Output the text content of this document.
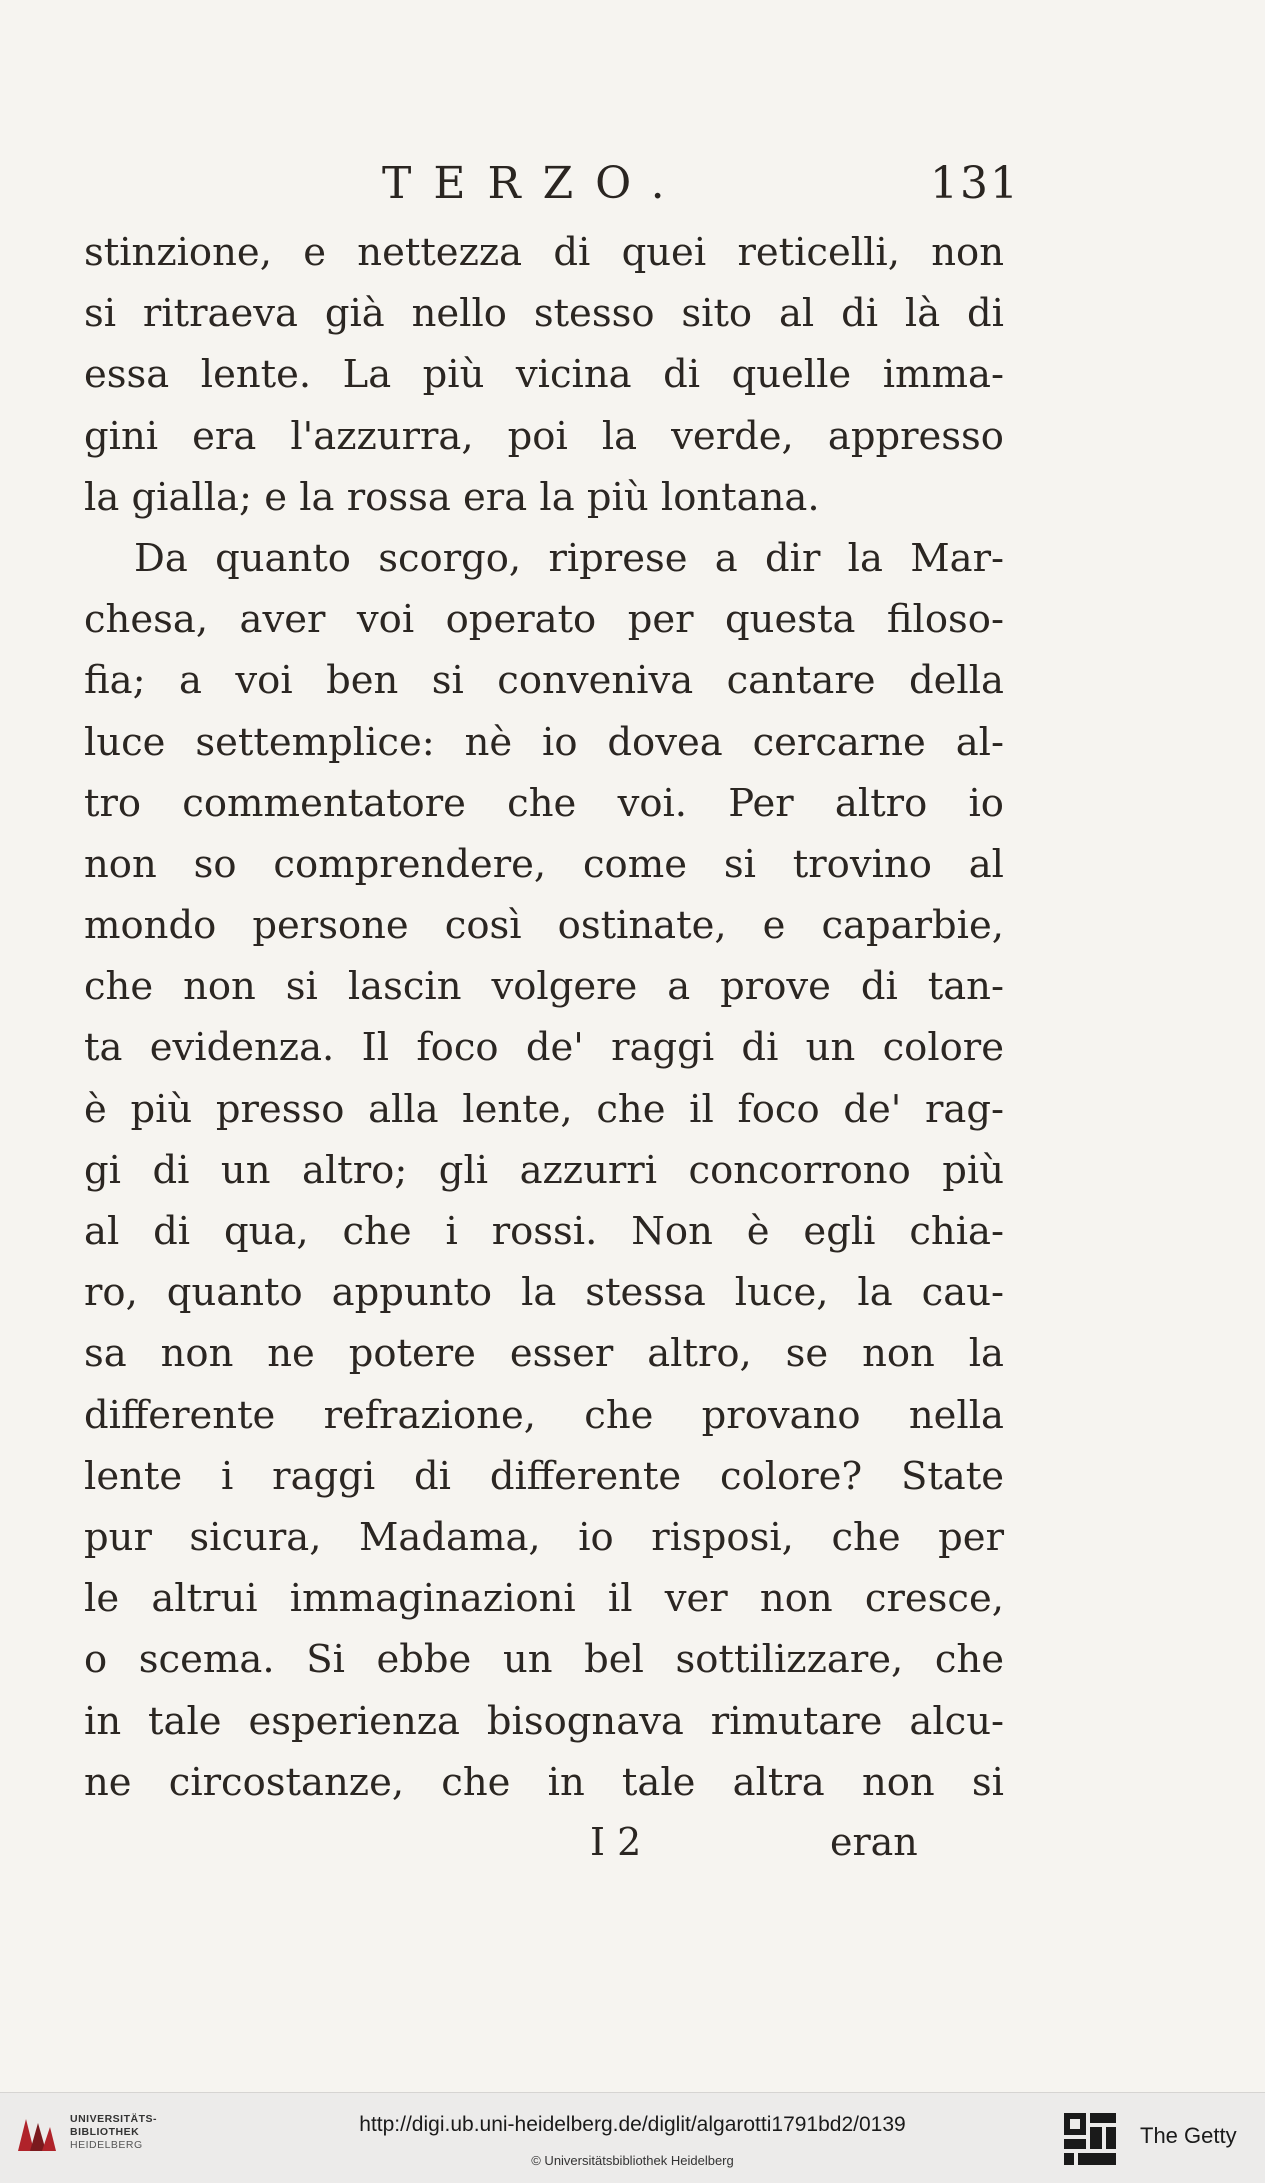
TERZO.	131
stinzione, e nettezza di quei reticelli, non
si ritraeva già nello stesso sito al di là di
essa lente. La più vicina di quelle imma-
gini era l'azzurra, poi la verde, appresso
la gialla; e la rossa era la più lontana.
Da quanto scorgo, riprese a dir la Mar-
chesa, aver voi operato per questa filoso-
fia; a voi ben si conveniva cantare della
luce settemplice: nè io dovea cercarne al-
tro commentatore che voi. Per altro io
non so comprendere, come si trovino al
mondo persone così ostinate, e caparbie,
che non si lascin volgere a prove di tan-
ta evidenza. Il foco de' raggi di un colore
è più presso alla lente, che il foco de' rag-
gi di un altro; gli azzurri concorrono più
al di qua, che i rossi. Non è egli chia-
ro, quanto appunto la stessa luce, la cau-
sa non ne potere esser altro, se non la
differente refrazione, che provano nella
lente i raggi di differente colore? State
pur sicura, Madama, io risposi, che per
le altrui immaginazioni il ver non cresce,
o scema. Si ebbe un bel sottilizzare, che
in tale esperienza bisognava rimutare alcu-
ne circostanze, che in tale altra non si
I 2	eran
UNIVERSITÄTS-
BIBLIOTHEK
HEIDELBERG
http://digi.ub.uni-heidelberg.de/diglit/algarotti1791bd2/0139
© Universitätsbibliothek Heidelberg
The Getty
